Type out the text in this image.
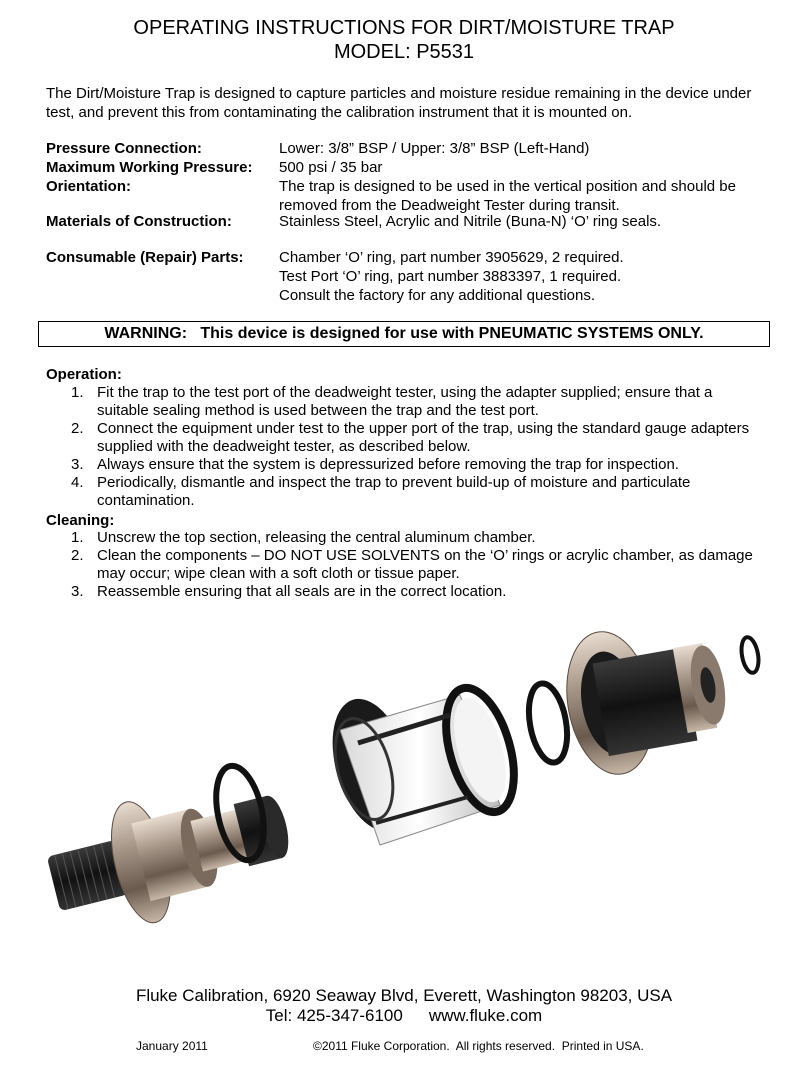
OPERATING INSTRUCTIONS FOR DIRT/MOISTURE TRAP
MODEL: P5531
The Dirt/Moisture Trap is designed to capture particles and moisture residue remaining in the device under test, and prevent this from contaminating the calibration instrument that it is mounted on.
Pressure Connection:	Lower: 3/8” BSP / Upper: 3/8” BSP (Left-Hand)
Maximum Working Pressure: 500 psi / 35 bar
Orientation:	The trap is designed to be used in the vertical position and should be removed from the Deadweight Tester during transit.
Materials of Construction:	Stainless Steel, Acrylic and Nitrile (Buna-N) ‘O’ ring seals.
Consumable (Repair) Parts: Chamber ‘O’ ring, part number 3905629, 2 required.
Test Port ‘O’ ring, part number 3883397, 1 required.
Consult the factory for any additional questions.
WARNING:   This device is designed for use with PNEUMATIC SYSTEMS ONLY.
Operation:
1. Fit the trap to the test port of the deadweight tester, using the adapter supplied; ensure that a suitable sealing method is used between the trap and the test port.
2. Connect the equipment under test to the upper port of the trap, using the standard gauge adapters supplied with the deadweight tester, as described below.
3. Always ensure that the system is depressurized before removing the trap for inspection.
4. Periodically, dismantle and inspect the trap to prevent build-up of moisture and particulate contamination.
Cleaning:
1. Unscrew the top section, releasing the central aluminum chamber.
2. Clean the components – DO NOT USE SOLVENTS on the ‘O’ rings or acrylic chamber, as damage may occur; wipe clean with a soft cloth or tissue paper.
3. Reassemble ensuring that all seals are in the correct location.
Fluke Calibration, 6920 Seaway Blvd, Everett, Washington 98203, USA
Tel: 425-347-6100 www.fluke.com
January 2011	©2011 Fluke Corporation.  All rights reserved.  Printed in USA.
